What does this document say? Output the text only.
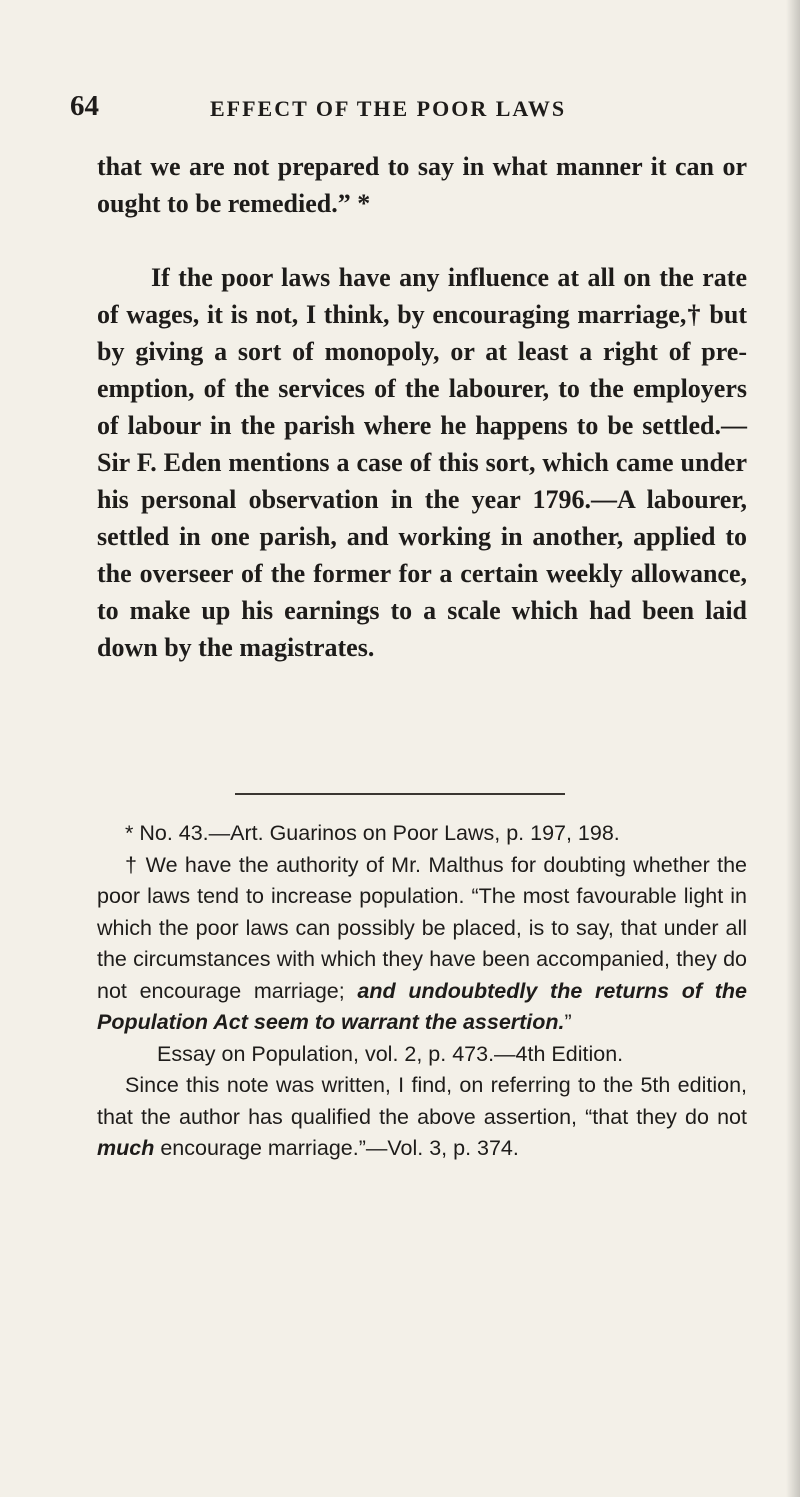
64	EFFECT OF THE POOR LAWS

that we are not prepared to say in what manner it can or ought to be remedied.” *

If the poor laws have any influence at all on the rate of wages, it is not, I think, by encouraging marriage,† but by giving a sort of monopoly, or at least a right of pre-emption, of the services of the labourer, to the employers of labour in the parish where he happens to be settled.—Sir F. Eden mentions a case of this sort, which came under his personal observation in the year 1796.—A labourer, settled in one parish, and working in another, applied to the overseer of the former for a certain weekly allowance, to make up his earnings to a scale which had been laid down by the magistrates.

* No. 43.—Art. Guarinos on Poor Laws, p. 197, 198.

† We have the authority of Mr. Malthus for doubting whether the poor laws tend to increase population. “The most favourable light in which the poor laws can possibly be placed, is to say, that under all the circumstances with which they have been accompanied, they do not encourage marriage; and undoubtedly the returns of the Population Act seem to warrant the assertion.”

Essay on Population, vol. 2, p. 473.—4th Edition.

Since this note was written, I find, on referring to the 5th edition, that the author has qualified the above assertion, “that they do not much encourage marriage.”—Vol. 3, p. 374.
